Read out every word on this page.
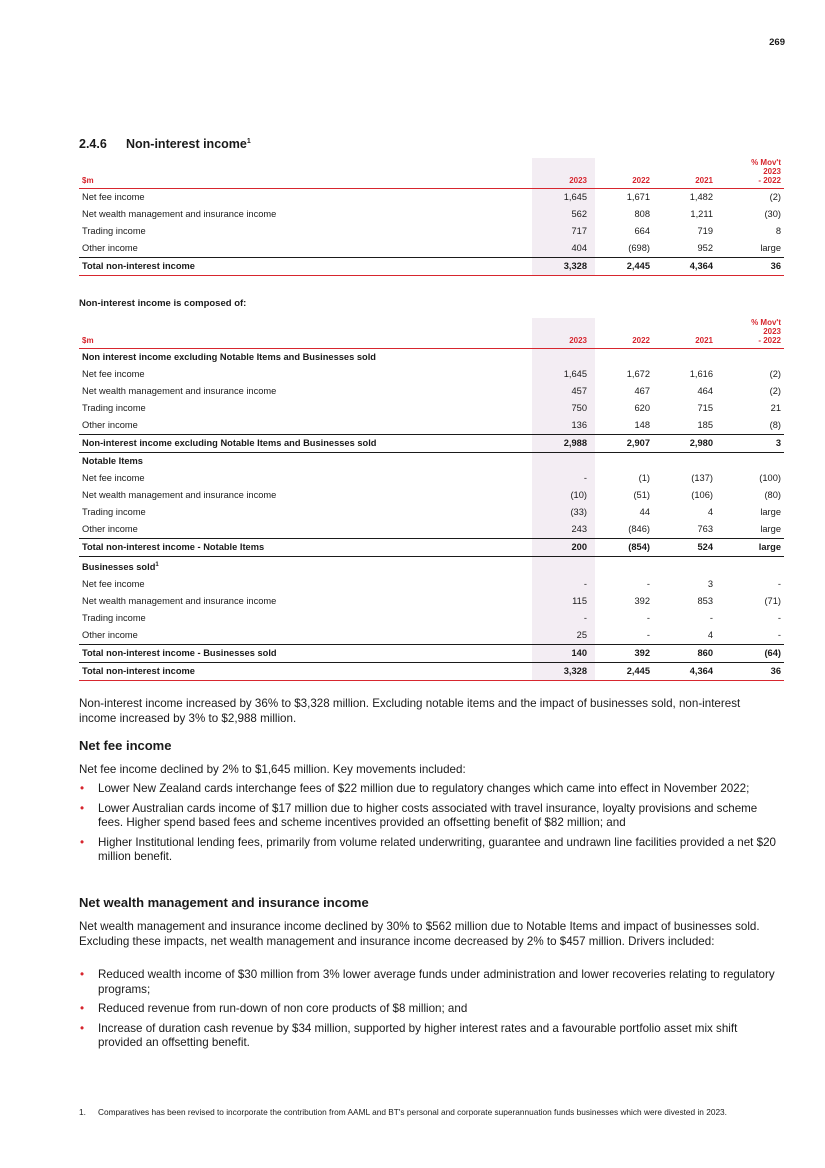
269
2.4.6 Non-interest income$^1$
$m	2023	2022	2021	% Mov't
2023
- 2022
Net fee income	1,645	1,671	1,482	(2)
Net wealth management and insurance income	562	808	1,211	(30)
Trading income	717	664	719	8
Other income	404	(698)	952	large
Total non-interest income	3,328	2,445	4,364	36
Non-interest income is composed of:
$m	2023	2022	2021	% Mov't
2023
- 2022
Non interest income excluding Notable Items and Businesses sold				
Net fee income	1,645	1,672	1,616	(2)
Net wealth management and insurance income	457	467	464	(2)
Trading income	750	620	715	21
Other income	136	148	185	(8)
Non-interest income excluding Notable Items and Businesses sold	2,988	2,907	2,980	3
Notable Items				
Net fee income	-	(1)	(137)	(100)
Net wealth management and insurance income	(10)	(51)	(106)	(80)
Trading income	(33)	44	4	large
Other income	243	(846)	763	large
Total non-interest income - Notable Items	200	(854)	524	large
Businesses sold$^1$				
Net fee income	-	-	3	-
Net wealth management and insurance income	115	392	853	(71)
Trading income	-	-	-	-
Other income	25	-	4	-
Total non-interest income - Businesses sold	140	392	860	(64)
Total non-interest income	3,328	2,445	4,364	36

Non-interest income increased by 36% to $3,328 million. Excluding notable items and the impact of businesses sold, non-interest income increased by 3% to $2,988 million.

Net fee income

Net fee income declined by 2% to $1,645 million. Key movements included:

• Lower New Zealand cards interchange fees of $22 million due to regulatory changes which came into effect in November 2022;
• Lower Australian cards income of $17 million due to higher costs associated with travel insurance, loyalty provisions and scheme fees. Higher spend based fees and scheme incentives provided an offsetting benefit of $82 million; and
• Higher Institutional lending fees, primarily from volume related underwriting, guarantee and undrawn line facilities provided a net $20 million benefit.
Net wealth management and insurance income

Net wealth management and insurance income declined by 30% to $562 million due to Notable Items and impact of businesses sold. Excluding these impacts, net wealth management and insurance income decreased by 2% to $457 million. Drivers included:

• Reduced wealth income of $30 million from 3% lower average funds under administration and lower recoveries relating to regulatory programs;
• Reduced revenue from run-down of non core products of $8 million; and
• Increase of duration cash revenue by $34 million, supported by higher interest rates and a favourable portfolio asset mix shift provided an offsetting benefit.
1.	Comparatives has been revised to incorporate the contribution from AAML and BT's personal and corporate superannuation funds businesses which were divested in 2023.
